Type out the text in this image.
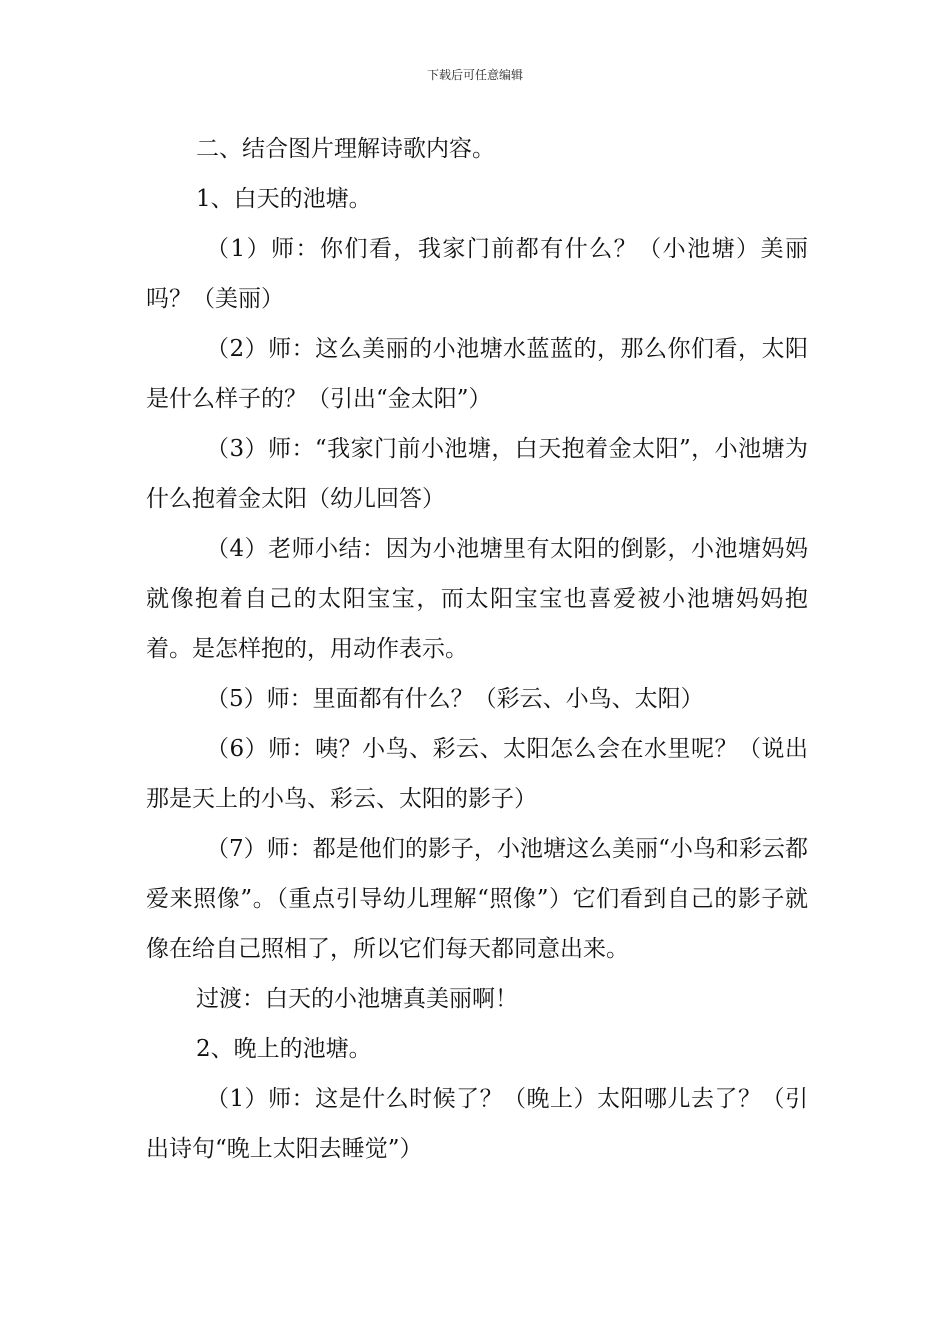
下载后可任意编辑

二、结合图片理解诗歌内容。

1、白天的池塘。

（1）师：你们看，我家门前都有什么？（小池塘）美丽吗？（美丽）

（2）师：这么美丽的小池塘水蓝蓝的，那么你们看，太阳是什么样子的？（引出“金太阳”）

（3）师：“我家门前小池塘，白天抱着金太阳”，小池塘为什么抱着金太阳（幼儿回答）

（4）老师小结：因为小池塘里有太阳的倒影，小池塘妈妈就像抱着自己的太阳宝宝，而太阳宝宝也喜爱被小池塘妈妈抱着。是怎样抱的，用动作表示。

（5）师：里面都有什么？（彩云、小鸟、太阳）

（6）师：咦？小鸟、彩云、太阳怎么会在水里呢？（说出那是天上的小鸟、彩云、太阳的影子）

（7）师：都是他们的影子，小池塘这么美丽“小鸟和彩云都爱来照像”。（重点引导幼儿理解“照像”）它们看到自己的影子就像在给自己照相了，所以它们每天都同意出来。

过渡：白天的小池塘真美丽啊！

2、晚上的池塘。

（1）师：这是什么时候了？（晚上）太阳哪儿去了？（引出诗句“晚上太阳去睡觉”）
